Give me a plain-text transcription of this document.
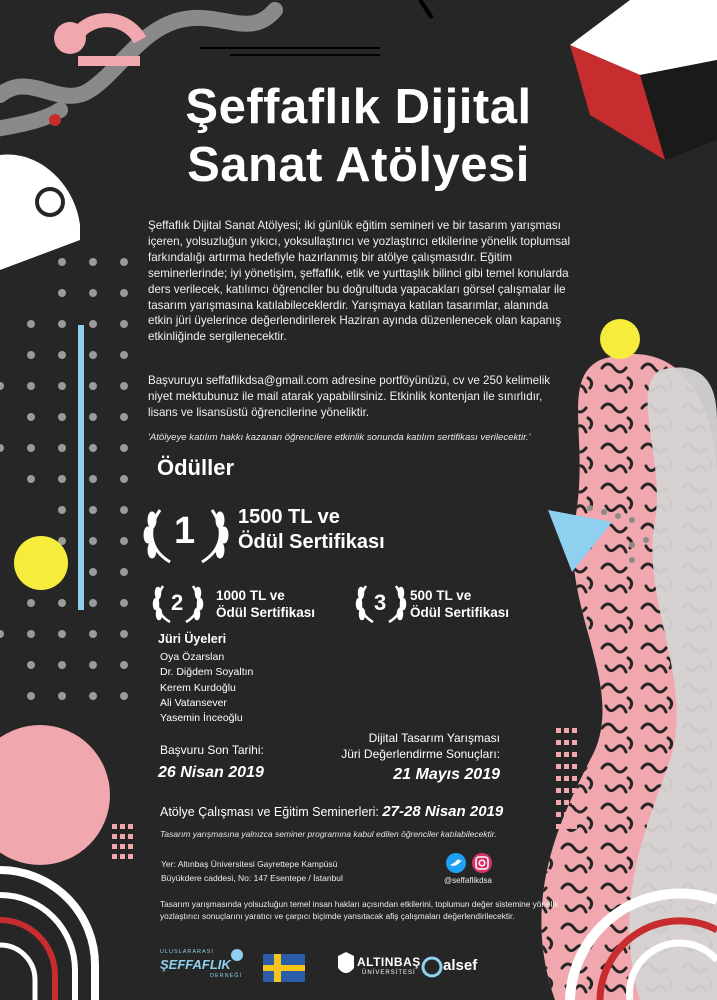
Şeffaflık Dijital
Sanat Atölyesi
Şeffaflık Dijital Sanat Atölyesi; iki günlük eğitim semineri ve bir tasarım yarışması içeren, yolsuzluğun yıkıcı, yoksullaştırıcı ve yozlaştırıcı etkilerine yönelik toplumsal farkındalığı artırma hedefiyle hazırlanmış bir atölye çalışmasıdır. Eğitim seminerlerinde; iyi yönetişim, şeffaflık, etik ve yurttaşlık bilinci gibi temel konularda ders verilecek, katılımcı öğrenciler bu doğrultuda yapacakları görsel çalışmalar ile tasarım yarışmasına katılabileceklerdir. Yarışmaya katılan tasarımlar, alanında etkin jüri üyelerince değerlendirilerek Haziran ayında düzenlenecek olan kapanış etkinliğinde sergilenecektir.
Başvuruyu seffaflikdsa@gmail.com adresine portföyünüzü, cv ve 250 kelimelik niyet mektubunuz ile mail atarak yapabilirsiniz. Etkinlik kontenjan ile sınırlıdır, lisans ve lisansüstü öğrencilerine yöneliktir.
'Atölyeye katılım hakkı kazanan öğrencilere etkinlik sonunda katılım sertifikası verilecektir.'
Ödüller
1 1500 TL ve
Ödül Sertifikası
2 1000 TL ve
Ödül Sertifikası	3 500 TL ve
Ödül Sertifikası
Jüri Üyeleri
Oya Özarslan
Dr. Diğdem Soyaltın
Kerem Kurdoğlu
Ali Vatansever
Yasemin İnceoğlu
Başvuru Son Tarihi:
26 Nisan 2019
Dijital Tasarım Yarışması
Jüri Değerlendirme Sonuçları:
21 Mayıs 2019
Atölye Çalışması ve Eğitim Seminerleri: 27-28 Nisan 2019
Tasarım yarışmasına yalnızca seminer programına kabul edilen öğrenciler katılabilecektir.
Yer: Altınbaş Üniversitesi Gayrettepe Kampüsü
Büyükdere caddesi, No: 147 Esentepe / İstanbul	@seffaflikdsa
Tasarım yarışmasında yolsuzluğun temel insan hakları açısından etkilerini, toplumun değer sistemine yönelik yozlaştırıcı sonuçlarını yaratıcı ve çarpıcı biçimde yansıtacak afiş çalışmaları değerlendirilecektir.
ULUSLARARASI
ŞEFFAFLIK
DERNEĞİ
ALTINBAŞ
ÜNİVERSİTESİ alsef
